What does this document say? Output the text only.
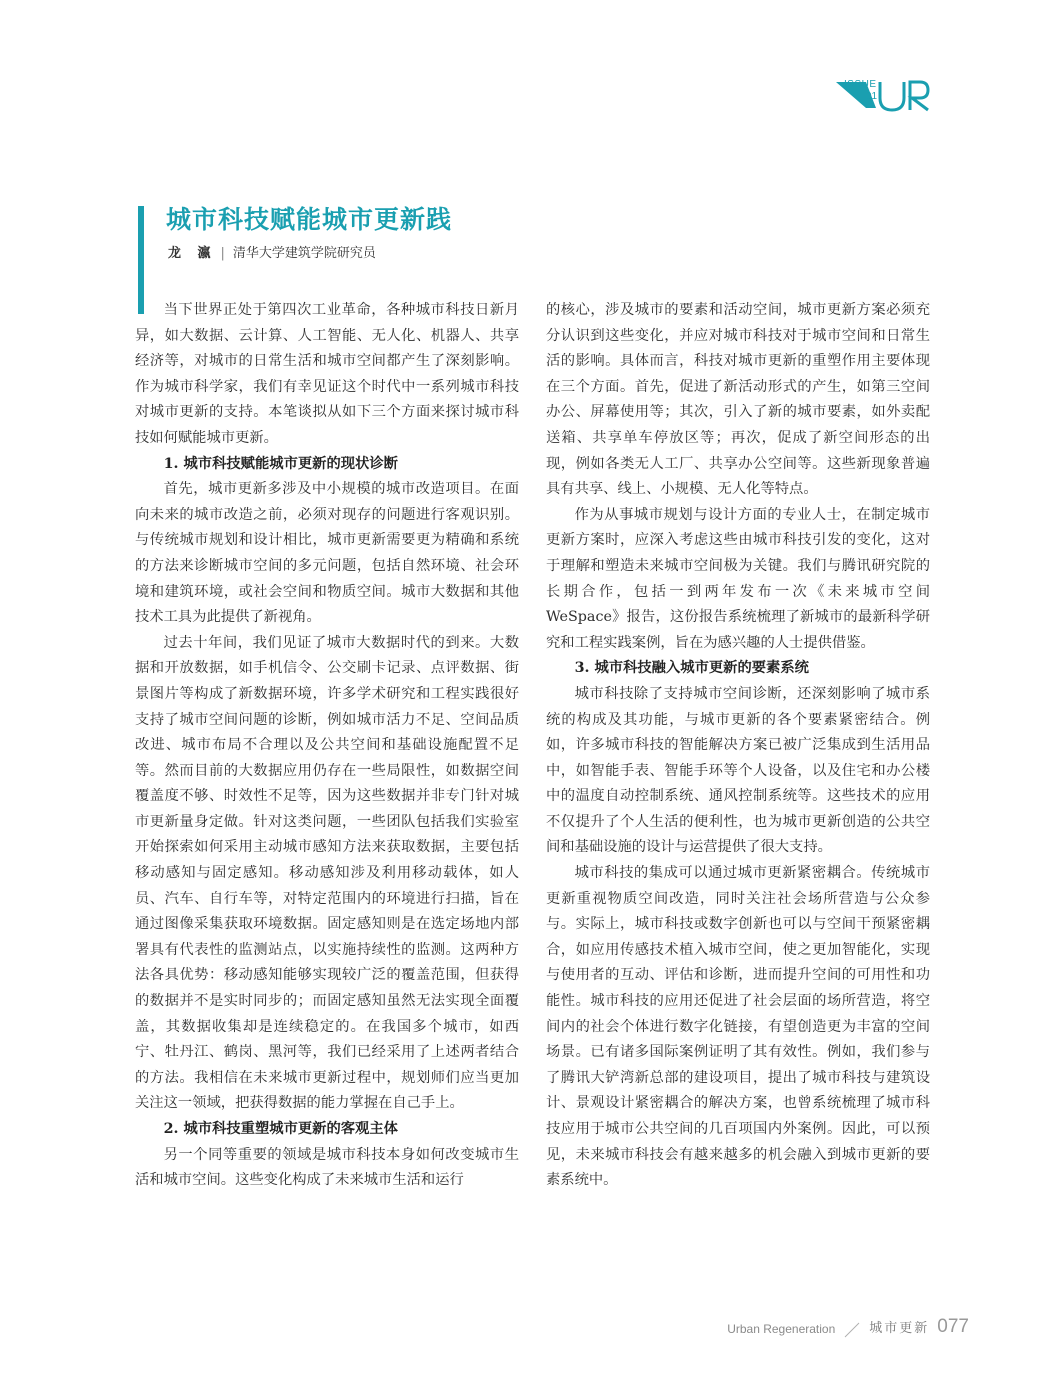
ISSUE
01
城市科技赋能城市更新践
龙 瀛 | 清华大学建筑学院研究员

当下世界正处于第四次工业革命，各种城市科技日新月异，如大数据、云计算、人工智能、无人化、机器人、共享经济等，对城市的日常生活和城市空间都产生了深刻影响。作为城市科学家，我们有幸见证这个时代中一系列城市科技对城市更新的支持。本笔谈拟从如下三个方面来探讨城市科技如何赋能城市更新。

1. 城市科技赋能城市更新的现状诊断

首先，城市更新多涉及中小规模的城市改造项目。在面向未来的城市改造之前，必须对现存的问题进行客观识别。与传统城市规划和设计相比，城市更新需要更为精确和系统的方法来诊断城市空间的多元问题，包括自然环境、社会环境和建筑环境，或社会空间和物质空间。城市大数据和其他技术工具为此提供了新视角。

过去十年间，我们见证了城市大数据时代的到来。大数据和开放数据，如手机信令、公交刷卡记录、点评数据、街景图片等构成了新数据环境，许多学术研究和工程实践很好支持了城市空间问题的诊断，例如城市活力不足、空间品质改进、城市布局不合理以及公共空间和基础设施配置不足等。然而目前的大数据应用仍存在一些局限性，如数据空间覆盖度不够、时效性不足等，因为这些数据并非专门针对城市更新量身定做。针对这类问题，一些团队包括我们实验室开始探索如何采用主动城市感知方法来获取数据，主要包括移动感知与固定感知。移动感知涉及利用移动载体，如人员、汽车、自行车等，对特定范围内的环境进行扫描，旨在通过图像采集获取环境数据。固定感知则是在选定场地内部署具有代表性的监测站点，以实施持续性的监测。这两种方法各具优势：移动感知能够实现较广泛的覆盖范围，但获得的数据并不是实时同步的；而固定感知虽然无法实现全面覆盖，其数据收集却是连续稳定的。在我国多个城市，如西宁、牡丹江、鹤岗、黑河等，我们已经采用了上述两者结合的方法。我相信在未来城市更新过程中，规划师们应当更加关注这一领域，把获得数据的能力掌握在自己手上。

2. 城市科技重塑城市更新的客观主体

另一个同等重要的领域是城市科技本身如何改变城市生活和城市空间。这些变化构成了未来城市生活和运行

的核心，涉及城市的要素和活动空间，城市更新方案必须充分认识到这些变化，并应对城市科技对于城市空间和日常生活的影响。具体而言，科技对城市更新的重塑作用主要体现在三个方面。首先，促进了新活动形式的产生，如第三空间办公、屏幕使用等；其次，引入了新的城市要素，如外卖配送箱、共享单车停放区等；再次，促成了新空间形态的出现，例如各类无人工厂、共享办公空间等。这些新现象普遍具有共享、线上、小规模、无人化等特点。

作为从事城市规划与设计方面的专业人士，在制定城市更新方案时，应深入考虑这些由城市科技引发的变化，这对于理解和塑造未来城市空间极为关键。我们与腾讯研究院的长期合作，包括一到两年发布一次《未来城市空间WeSpace》报告，这份报告系统梳理了新城市的最新科学研究和工程实践案例，旨在为感兴趣的人士提供借鉴。

3. 城市科技融入城市更新的要素系统

城市科技除了支持城市空间诊断，还深刻影响了城市系统的构成及其功能，与城市更新的各个要素紧密结合。例如，许多城市科技的智能解决方案已被广泛集成到生活用品中，如智能手表、智能手环等个人设备，以及住宅和办公楼中的温度自动控制系统、通风控制系统等。这些技术的应用不仅提升了个人生活的便利性，也为城市更新创造的公共空间和基础设施的设计与运营提供了很大支持。

城市科技的集成可以通过城市更新紧密耦合。传统城市更新重视物质空间改造，同时关注社会场所营造与公众参与。实际上，城市科技或数字创新也可以与空间干预紧密耦合，如应用传感技术植入城市空间，使之更加智能化，实现与使用者的互动、评估和诊断，进而提升空间的可用性和功能性。城市科技的应用还促进了社会层面的场所营造，将空间内的社会个体进行数字化链接，有望创造更为丰富的空间场景。已有诸多国际案例证明了其有效性。例如，我们参与了腾讯大铲湾新总部的建设项目，提出了城市科技与建筑设计、景观设计紧密耦合的解决方案，也曾系统梳理了城市科技应用于城市公共空间的几百项国内外案例。因此，可以预见，未来城市科技会有越来越多的机会融入到城市更新的要素系统中。

Urban Regeneration	城市更新 077
